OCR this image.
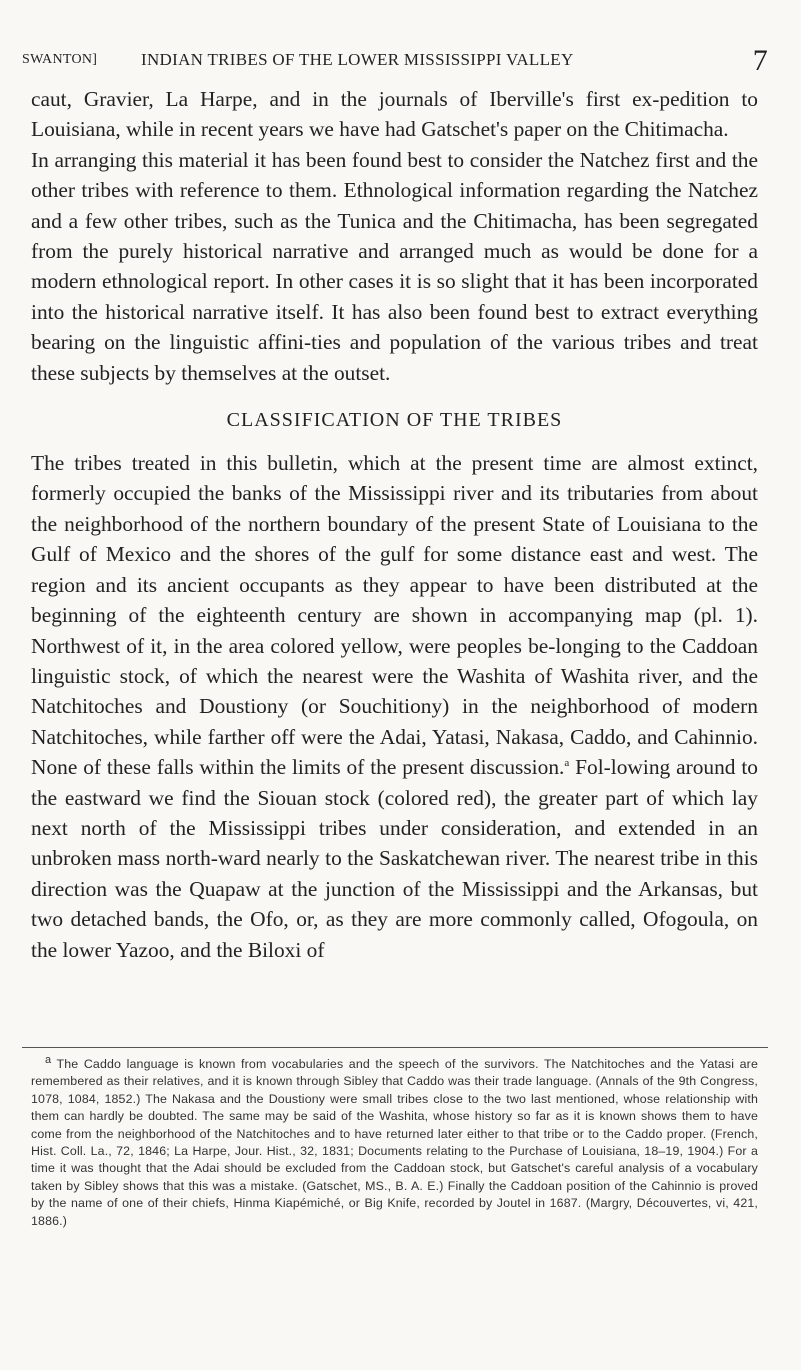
SWANTON]	INDIAN TRIBES OF THE LOWER MISSISSIPPI VALLEY	7

caut, Gravier, La Harpe, and in the journals of Iberville's first ex-pedition to Louisiana, while in recent years we have had Gatschet's paper on the Chitimacha.

In arranging this material it has been found best to consider the Natchez first and the other tribes with reference to them. Ethnological information regarding the Natchez and a few other tribes, such as the Tunica and the Chitimacha, has been segregated from the purely historical narrative and arranged much as would be done for a modern ethnological report. In other cases it is so slight that it has been incorporated into the historical narrative itself. It has also been found best to extract everything bearing on the linguistic affini-ties and population of the various tribes and treat these subjects by themselves at the outset.

CLASSIFICATION OF THE TRIBES

The tribes treated in this bulletin, which at the present time are almost extinct, formerly occupied the banks of the Mississippi river and its tributaries from about the neighborhood of the northern boundary of the present State of Louisiana to the Gulf of Mexico and the shores of the gulf for some distance east and west. The region and its ancient occupants as they appear to have been distributed at the beginning of the eighteenth century are shown in accompanying map (pl. 1). Northwest of it, in the area colored yellow, were peoples be-longing to the Caddoan linguistic stock, of which the nearest were the Washita of Washita river, and the Natchitoches and Doustiony (or Souchitiony) in the neighborhood of modern Natchitoches, while farther off were the Adai, Yatasi, Nakasa, Caddo, and Cahinnio. None of these falls within the limits of the present discussion.$^a$ Fol-lowing around to the eastward we find the Siouan stock (colored red), the greater part of which lay next north of the Mississippi tribes under consideration, and extended in an unbroken mass north-ward nearly to the Saskatchewan river. The nearest tribe in this direction was the Quapaw at the junction of the Mississippi and the Arkansas, but two detached bands, the Ofo, or, as they are more commonly called, Ofogoula, on the lower Yazoo, and the Biloxi of

$^a$ The Caddo language is known from vocabularies and the speech of the survivors. The Natchitoches and the Yatasi are remembered as their relatives, and it is known through Sibley that Caddo was their trade language. (Annals of the 9th Congress, 1078, 1084, 1852.) The Nakasa and the Doustiony were small tribes close to the two last mentioned, whose relationship with them can hardly be doubted. The same may be said of the Washita, whose history so far as it is known shows them to have come from the neighborhood of the Natchitoches and to have returned later either to that tribe or to the Caddo proper. (French, Hist. Coll. La., 72, 1846; La Harpe, Jour. Hist., 32, 1831; Documents relating to the Purchase of Louisiana, 18–19, 1904.) For a time it was thought that the Adai should be excluded from the Caddoan stock, but Gatschet's careful analysis of a vocabulary taken by Sibley shows that this was a mistake. (Gatschet, MS., B. A. E.) Finally the Caddoan position of the Cahinnio is proved by the name of one of their chiefs, Hinma Kiapémiché, or Big Knife, recorded by Joutel in 1687. (Margry, Découvertes, vi, 421, 1886.)
